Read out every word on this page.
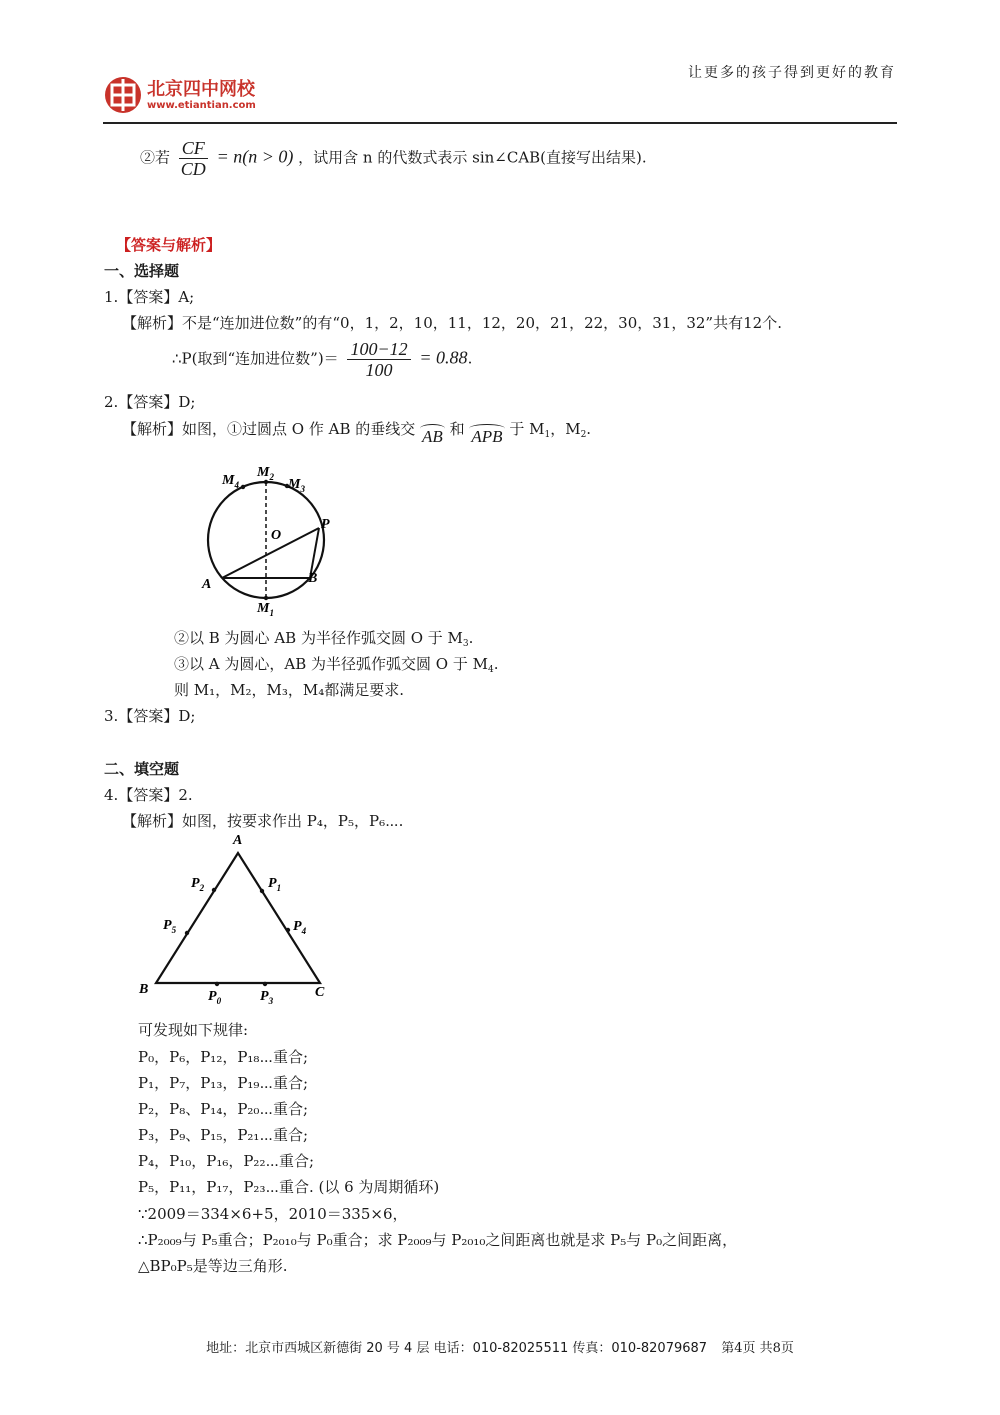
北京四中网校
www.etiantian.com
让更多的孩子得到更好的教育
②若 $\frac{CF}{CD} = n(n > 0)$ ，试用含 n 的代数式表示 sin∠CAB(直接写出结果).
【答案与解析】
一、选择题
1.【答案】A;
【解析】不是“连加进位数”的有“0，1，2，10，11，12，20，21，22，30，31，32”共有12个.
∴P(取到“连加进位数”)＝ $\frac{100-12}{100} = 0.88$.
2.【答案】D;
【解析】如图，①过圆点 O 作 AB 的垂线交 AB 和 APB 于 $M_1$，$M_2$.
$M_4$
$M_2$ $M_3$
O
P
A	B
$M_1$
②以 B 为圆心 AB 为半径作弧交圆 O 于 $M_3$.
③以 A 为圆心，AB 为半径弧作弧交圆 O 于 $M_4$.
则 M₁，M₂，M₃，M₄都满足要求.
3.【答案】D;
二、填空题
4.【答案】2.
【解析】如图，按要求作出 P₄，P₅，P₆⋯.
A
B	C
$P_1$
$P_2$
$P_4$
$P_5$
$P_0$	$P_3$
可发现如下规律:
P₀，P₆，P₁₂，P₁₈⋯重合;
P₁，P₇，P₁₃，P₁₉⋯重合;
P₂，P₈、P₁₄，P₂₀⋯重合;
P₃，P₉、P₁₅，P₂₁⋯重合;
P₄，P₁₀，P₁₆，P₂₂⋯重合;
P₅，P₁₁，P₁₇，P₂₃⋯重合. (以 6 为周期循环)
∵2009＝334×6+5，2010＝335×6，
∴P₂₀₀₉与 P₅重合；P₂₀₁₀与 P₀重合；求 P₂₀₀₉与 P₂₀₁₀之间距离也就是求 P₅与 P₀之间距离，
△BP₀P₅是等边三角形.
地址：北京市西城区新德街 20 号 4 层 电话：010-82025511 传真：010-82079687 第4页 共8页
